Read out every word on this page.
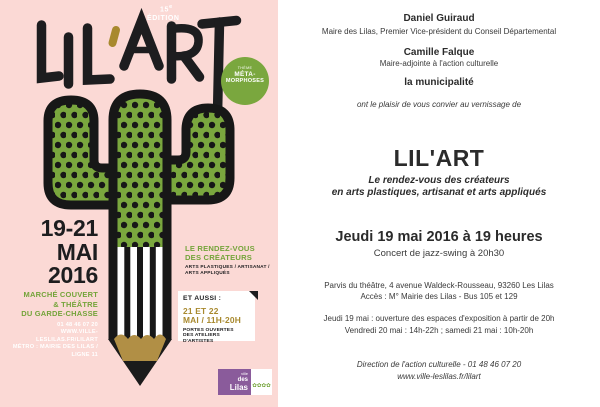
15e
ÉDITION
THÈME
MÉTA-
MORPHOSES
19-21
MAI
2016
MARCHÉ COUVERT
& THÉÂTRE
DU GARDE-CHASSE
01 48 46 07 20
WWW.VILLE-LESLILAS.FR/LILART
MÉTRO : MAIRIE DES LILAS / LIGNE 11
LE RENDEZ-VOUS
DES CRÉATEURS
ARTS PLASTIQUES / ARTISANAT /
ARTS APPLIQUÉS
ET AUSSI :
21 ET 22
MAI / 11H-20H
PORTES OUVERTES
DES ATELIERS D'ARTISTES
ville
des
Lilas ✿ ✿ ✿ ✿
Daniel Guiraud
Maire des Lilas, Premier Vice-président du Conseil Départemental
Camille Falque
Maire-adjointe à l'action culturelle
la municipalité
ont le plaisir de vous convier au vernissage de
LIL'ART
Le rendez-vous des créateurs
en arts plastiques, artisanat et arts appliqués
Jeudi 19 mai 2016 à 19 heures
Concert de jazz-swing à 20h30
Parvis du théâtre, 4 avenue Waldeck-Rousseau, 93260 Les Lilas
Accès : M° Mairie des Lilas - Bus 105 et 129
Jeudi 19 mai : ouverture des espaces d'exposition à partir de 20h
Vendredi 20 mai : 14h-22h ; samedi 21 mai : 10h-20h
Direction de l'action culturelle - 01 48 46 07 20
www.ville-leslilas.fr/lilart
